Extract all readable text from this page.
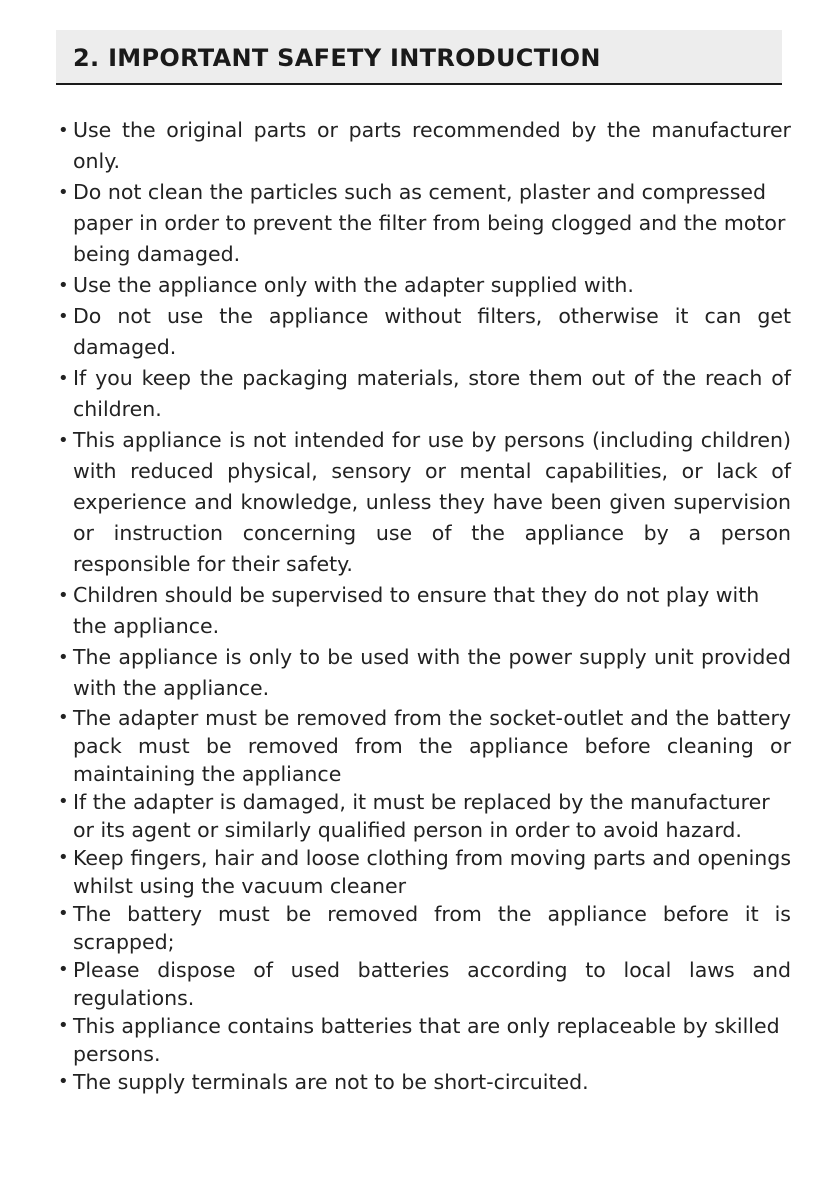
2. IMPORTANT SAFETY INTRODUCTION
• Use the original parts or parts recommended by the manufacturer only.
• Do not clean the particles such as cement, plaster and compressed paper in order to prevent the filter from being clogged and the motor being damaged.
• Use the appliance only with the adapter supplied with.
• Do not use the appliance without filters, otherwise it can get damaged.
• If you keep the packaging materials, store them out of the reach of children.
• This appliance is not intended for use by persons (including children) with reduced physical, sensory or mental capabilities, or lack of experience and knowledge, unless they have been given supervision or instruction concerning use of the appliance by a person responsible for their safety.
• Children should be supervised to ensure that they do not play with the appliance.
• The appliance is only to be used with the power supply unit provided with the appliance.
• The adapter must be removed from the socket-outlet and the battery pack must be removed from the appliance before cleaning or maintaining the appliance
• If the adapter is damaged, it must be replaced by the manufacturer or its agent or similarly qualified person in order to avoid hazard.
• Keep fingers, hair and loose clothing from moving parts and openings whilst using the vacuum cleaner
• The battery must be removed from the appliance before it is scrapped;
• Please dispose of used batteries according to local laws and regulations.
• This appliance contains batteries that are only replaceable by skilled persons.
• The supply terminals are not to be short-circuited.
